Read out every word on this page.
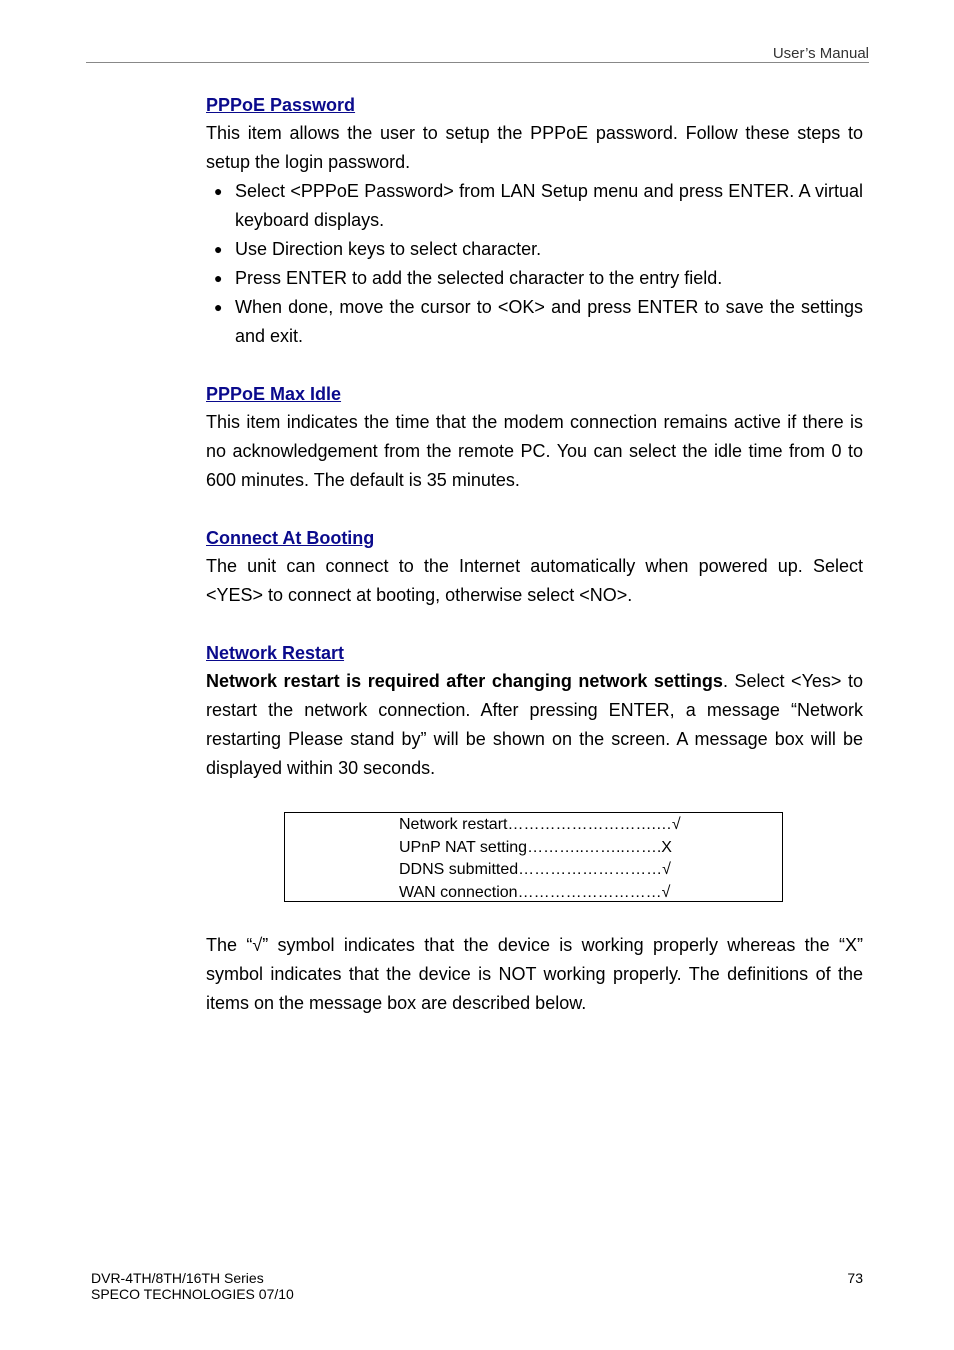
User’s Manual
PPPoE Password

This item allows the user to setup the PPPoE password. Follow these steps to setup the login password.

● Select <PPPoE Password> from LAN Setup menu and press ENTER. A virtual keyboard displays.
● Use Direction keys to select character.
● Press ENTER to add the selected character to the entry field.
● When done, move the cursor to <OK> and press ENTER to save the settings and exit.
PPPoE Max Idle

This item indicates the time that the modem connection remains active if there is no acknowledgement from the remote PC. You can select the idle time from 0 to 600 minutes. The default is 35 minutes.

Connect At Booting

The unit can connect to the Internet automatically when powered up. Select <YES> to connect at booting, otherwise select <NO>.

Network Restart

Network restart is required after changing network settings. Select <Yes> to restart the network connection. After pressing ENTER, a message “Network restarting Please stand by” will be shown on the screen. A message box will be displayed within 30 seconds.

Network restart……………………….…√
UPnP NAT setting………..……..…….X
DDNS submitted………………………√
WAN connection………………………√
The “√” symbol indicates that the device is working properly whereas the “X” symbol indicates that the device is NOT working properly. The definitions of the items on the message box are described below.
DVR-4TH/8TH/16TH Series
SPECO TECHNOLOGIES 07/10
73
